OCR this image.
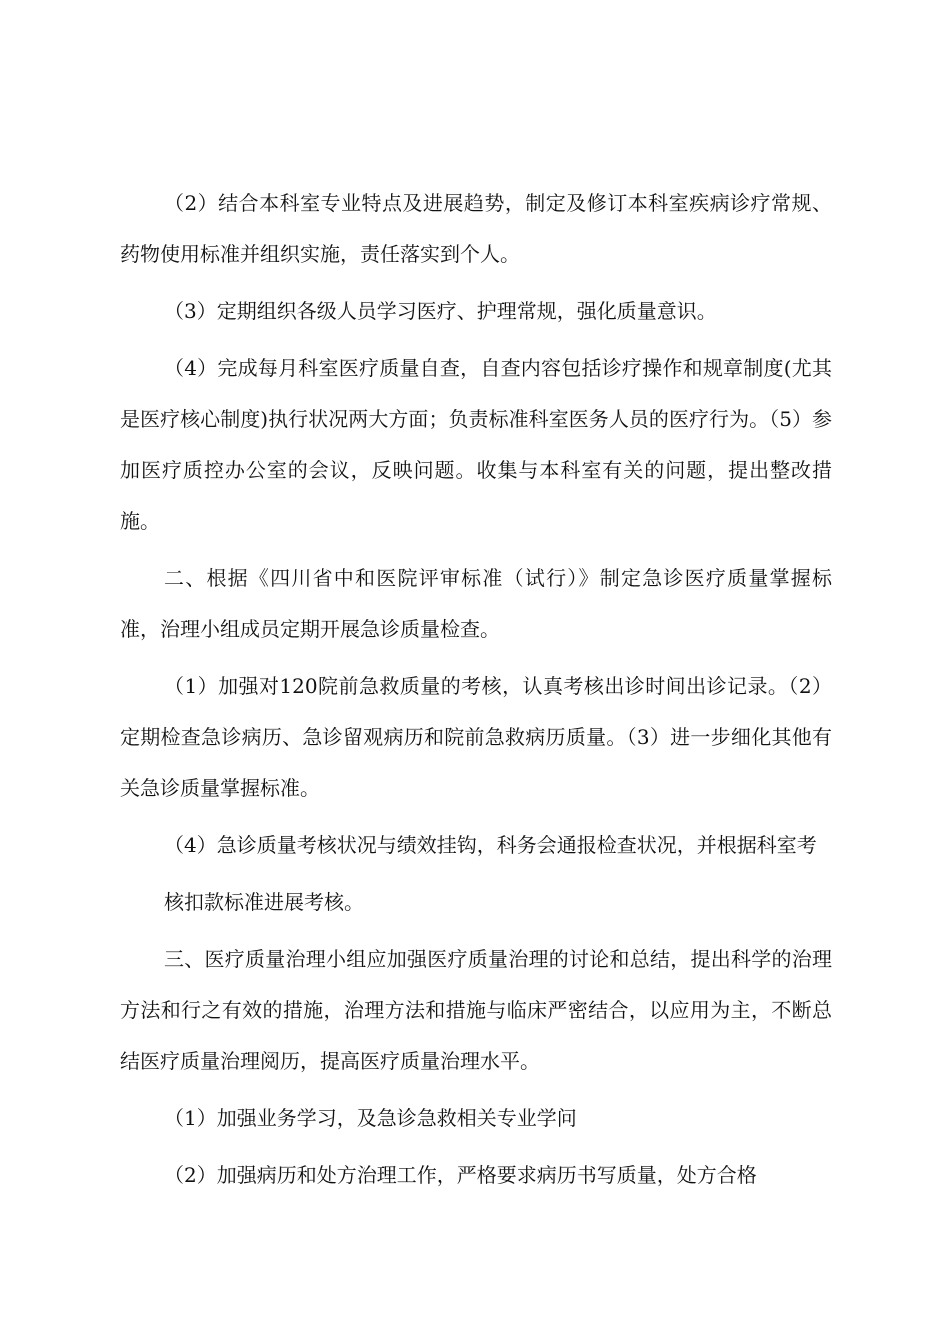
（2）结合本科室专业特点及进展趋势，制定及修订本科室疾病诊疗常规、药物使用标准并组织实施，责任落实到个人。

（3）定期组织各级人员学习医疗、护理常规，强化质量意识。

（4）完成每月科室医疗质量自查，自查内容包括诊疗操作和规章制度(尤其是医疗核心制度)执行状况两大方面；负责标准科室医务人员的医疗行为。（5）参加医疗质控办公室的会议，反映问题。收集与本科室有关的问题，提出整改措施。

二、根据《四川省中和医院评审标准（试行）》制定急诊医疗质量掌握标准，治理小组成员定期开展急诊质量检查。

（1）加强对120院前急救质量的考核，认真考核出诊时间出诊记录。（2）定期检查急诊病历、急诊留观病历和院前急救病历质量。（3）进一步细化其他有关急诊质量掌握标准。

（4）急诊质量考核状况与绩效挂钩，科务会通报检查状况，并根据科室考

核扣款标准进展考核。

三、医疗质量治理小组应加强医疗质量治理的讨论和总结，提出科学的治理方法和行之有效的措施，治理方法和措施与临床严密结合，以应用为主，不断总结医疗质量治理阅历，提高医疗质量治理水平。

（1）加强业务学习，及急诊急救相关专业学问

（2）加强病历和处方治理工作，严格要求病历书写质量，处方合格
